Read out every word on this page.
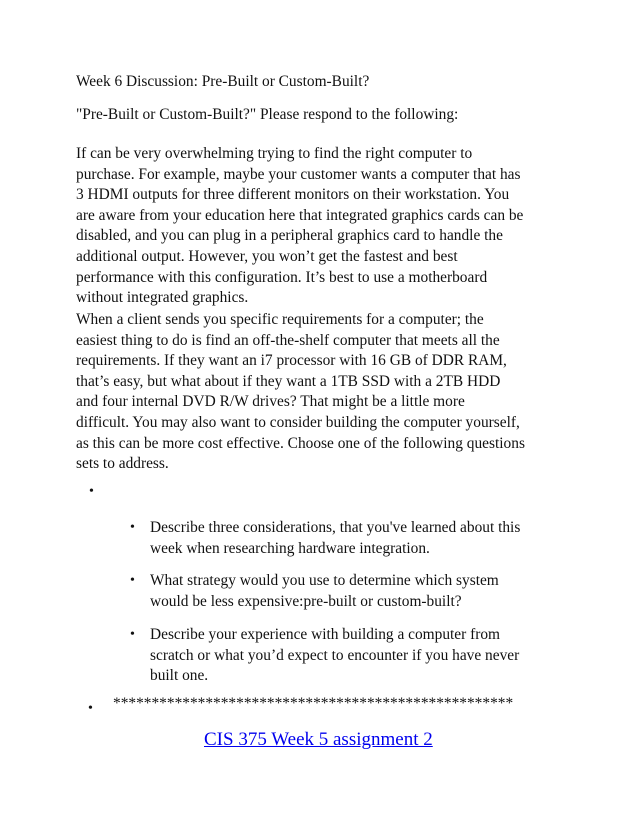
Week 6 Discussion: Pre-Built or Custom-Built?

"Pre-Built or Custom-Built?" Please respond to the following:

If can be very overwhelming trying to find the right computer to
purchase. For example, maybe your customer wants a computer that has
3 HDMI outputs for three different monitors on their workstation. You
are aware from your education here that integrated graphics cards can be
disabled, and you can plug in a peripheral graphics card to handle the
additional output. However, you won’t get the fastest and best
performance with this configuration. It’s best to use a motherboard
without integrated graphics.
When a client sends you specific requirements for a computer; the
easiest thing to do is find an off-the-shelf computer that meets all the
requirements. If they want an i7 processor with 16 GB of DDR RAM,
that’s easy, but what about if they want a 1TB SSD with a 2TB HDD
and four internal DVD R/W drives? That might be a little more
difficult. You may also want to consider building the computer yourself,
as this can be more cost effective. Choose one of the following questions
sets to address.
•
• Describe three considerations, that you've learned about this
week when researching hardware integration.
• What strategy would you use to determine which system
would be less expensive:pre-built or custom-built?
• Describe your experience with building a computer from
scratch or what you’d expect to encounter if you have never
built one.
• ****************************************************
CIS 375 Week 5 assignment 2
